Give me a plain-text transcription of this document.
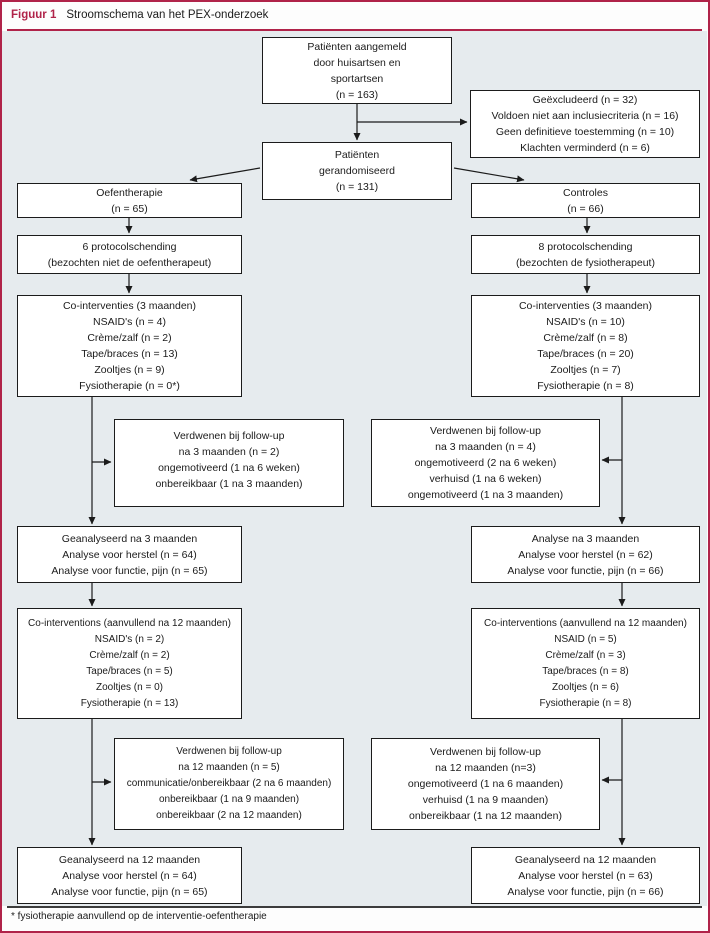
Figuur 1 Stroomschema van het PEX-onderzoek
Patiënten aangemeld
door huisartsen en
sportartsen
(n = 163)	Geëxcludeerd (n = 32)
Voldoen niet aan inclusiecriteria (n = 16)
Geen definitieve toestemming (n = 10)
Klachten verminderd (n = 6)
Patiënten
gerandomiseerd
(n = 131)
Oefentherapie
(n = 65)
Controles
(n = 66)
6 protocolschending
(bezochten niet de oefentherapeut)
8 protocolschending
(bezochten de fysiotherapeut)
Co-interventies (3 maanden)
NSAID's (n = 4)
Crème/zalf (n = 2)
Tape/braces (n = 13)
Zooltjes (n = 9)
Fysiotherapie (n = 0*)
Co-interventies (3 maanden)
NSAID's (n = 10)
Crème/zalf (n = 8)
Tape/braces (n = 20)
Zooltjes (n = 7)
Fysiotherapie (n = 8)
Verdwenen bij follow-up
na 3 maanden (n = 2)
ongemotiveerd (1 na 6 weken)
onbereikbaar (1 na 3 maanden)
Verdwenen bij follow-up
na 3 maanden (n = 4)
ongemotiveerd (2 na 6 weken)
verhuisd (1 na 6 weken)
ongemotiveerd (1 na 3 maanden)
Geanalyseerd na 3 maanden
Analyse voor herstel (n = 64)
Analyse voor functie, pijn (n = 65)
Analyse na 3 maanden
Analyse voor herstel (n = 62)
Analyse voor functie, pijn (n = 66)
Co-interventions (aanvullend na 12 maanden)
NSAID's (n = 2)
Crème/zalf (n = 2)
Tape/braces (n = 5)
Zooltjes (n = 0)
Fysiotherapie (n = 13)
Co-interventions (aanvullend na 12 maanden)
NSAID (n = 5)
Crème/zalf (n = 3)
Tape/braces (n = 8)
Zooltjes (n = 6)
Fysiotherapie (n = 8)
Verdwenen bij follow-up
na 12 maanden (n = 5)
communicatie/onbereikbaar (2 na 6 maanden)
onbereikbaar (1 na 9 maanden)
onbereikbaar (2 na 12 maanden)
Verdwenen bij follow-up
na 12 maanden (n=3)
ongemotiveerd (1 na 6 maanden)
verhuisd (1 na 9 maanden)
onbereikbaar (1 na 12 maanden)
Geanalyseerd na 12 maanden
Analyse voor herstel (n = 64)
Analyse voor functie, pijn (n = 65)
Geanalyseerd na 12 maanden
Analyse voor herstel (n = 63)
Analyse voor functie, pijn (n = 66)
* fysiotherapie aanvullend op de interventie-oefentherapie
